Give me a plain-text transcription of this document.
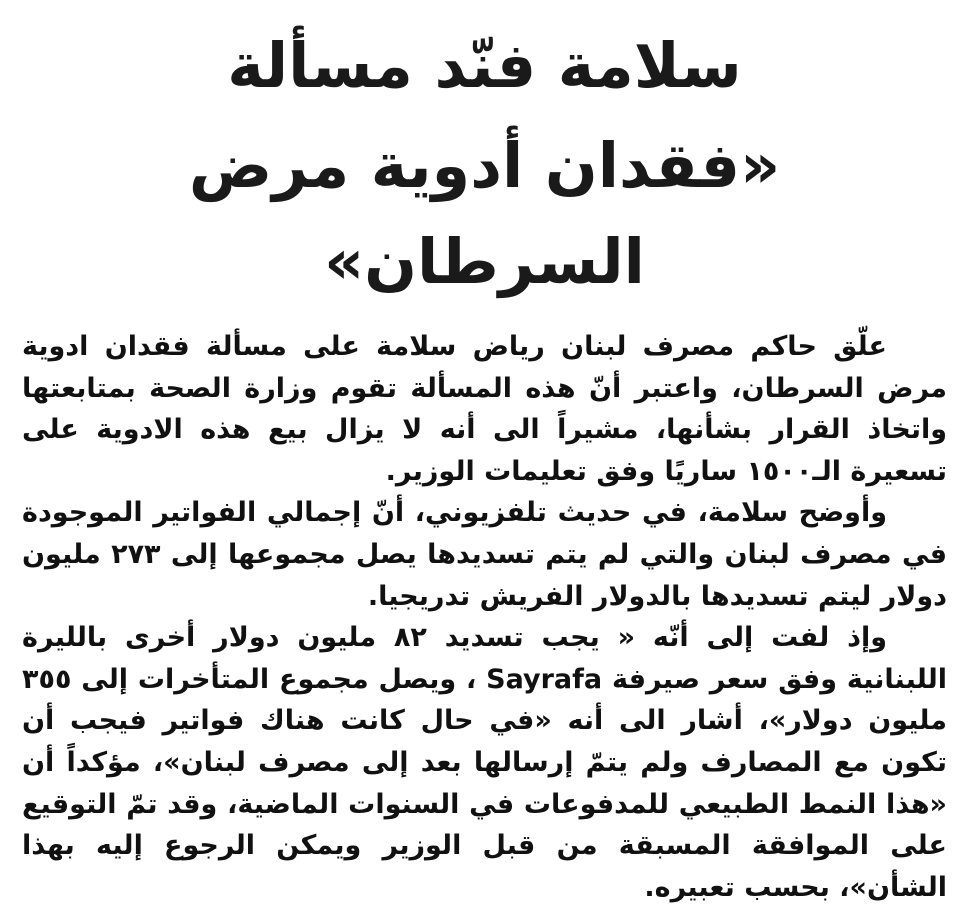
سلامة فنّد مسألة
«فقدان أدوية مرض السرطان»

علّق حاكم مصرف لبنان رياض سلامة على مسألة فقدان ادوية مرض السرطان، واعتبر أنّ هذه المسألة تقوم وزارة الصحة بمتابعتها واتخاذ القرار بشأنها، مشيراً الى أنه لا يزال بيع هذه الادوية على تسعيرة الـ١٥٠٠ ساريًا وفق تعليمات الوزير.

وأوضح سلامة، في حديث تلفزيوني، أنّ إجمالي الفواتير الموجودة في مصرف لبنان والتي لم يتم تسديدها يصل مجموعها إلى ٢٧٣ مليون دولار ليتم تسديدها بالدولار الفريش تدريجيا.

وإذ لفت إلى أنّه « يجب تسديد ٨٢ مليون دولار أخرى بالليرة اللبنانية وفق سعر صيرفة Sayrafa ، ويصل مجموع المتأخرات إلى ٣٥٥ مليون دولار»، أشار الى أنه «في حال كانت هناك فواتير فيجب أن تكون مع المصارف ولم يتمّ إرسالها بعد إلى مصرف لبنان»، مؤكداً أن «هذا النمط الطبيعي للمدفوعات في السنوات الماضية، وقد تمّ التوقيع على الموافقة المسبقة من قبل الوزير ويمكن الرجوع إليه بهذا الشأن»، بحسب تعبيره.
